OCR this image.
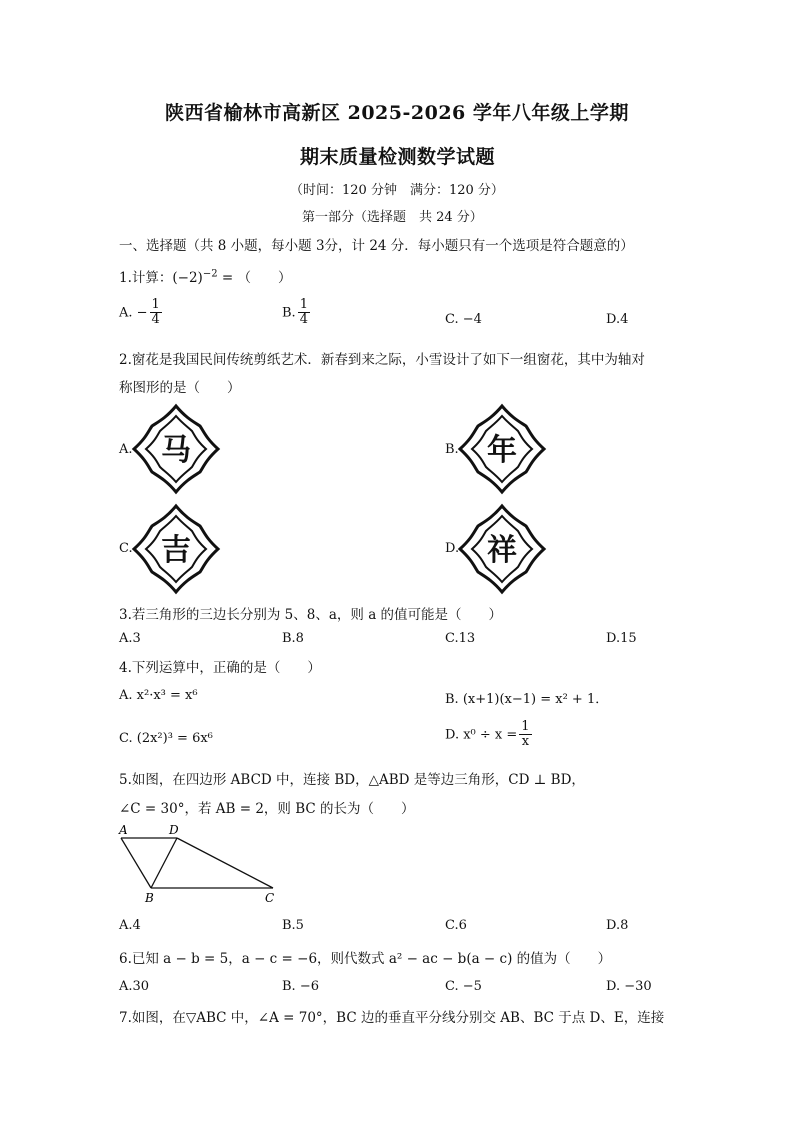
陕西省榆林市高新区 2025-2026 学年八年级上学期
期末质量检测数学试题
（时间：120 分钟　满分：120 分）
第一部分（选择题　共 24 分）
一、选择题（共 8 小题，每小题 3分，计 24 分．每小题只有一个选项是符合题意的）
1.计算：$(-2)^{-2}$ = （　　）
A. − $\frac{1}{4}$	B. $\frac{1}{4}$	C. −4	D.4
2.窗花是我国民间传统剪纸艺术．新春到来之际，小雪设计了如下一组窗花，其中为轴对
称图形的是（　　）
A.	B.
C.	D.
马	年
吉	祥
3.若三角形的三边长分别为 5、8、a，则 a 的值可能是（　　）
A.3	B.8	C.13	D.15
4.下列运算中，正确的是（　　）
A. x²·x³ = x⁶	B. (x+1)(x−1) = x² + 1．
C. (2x²)³ = 6x⁶	D. $x^0 \div x = \frac{1}{x}$
5.如图，在四边形 ABCD 中，连接 BD，△ABD 是等边三角形，CD ⊥ BD，
∠C = 30°，若 AB = 2，则 BC 的长为（　　）
A	D
B	C
A.4	B.5	C.6	D.8
6.已知 a − b = 5，a − c = −6，则代数式 a² − ac − b(a − c) 的值为（　　）
A.30	B. −6	C. −5	D. −30
7.如图，在▽ABC 中，∠A = 70°，BC 边的垂直平分线分别交 AB、BC 于点 D、E，连接
